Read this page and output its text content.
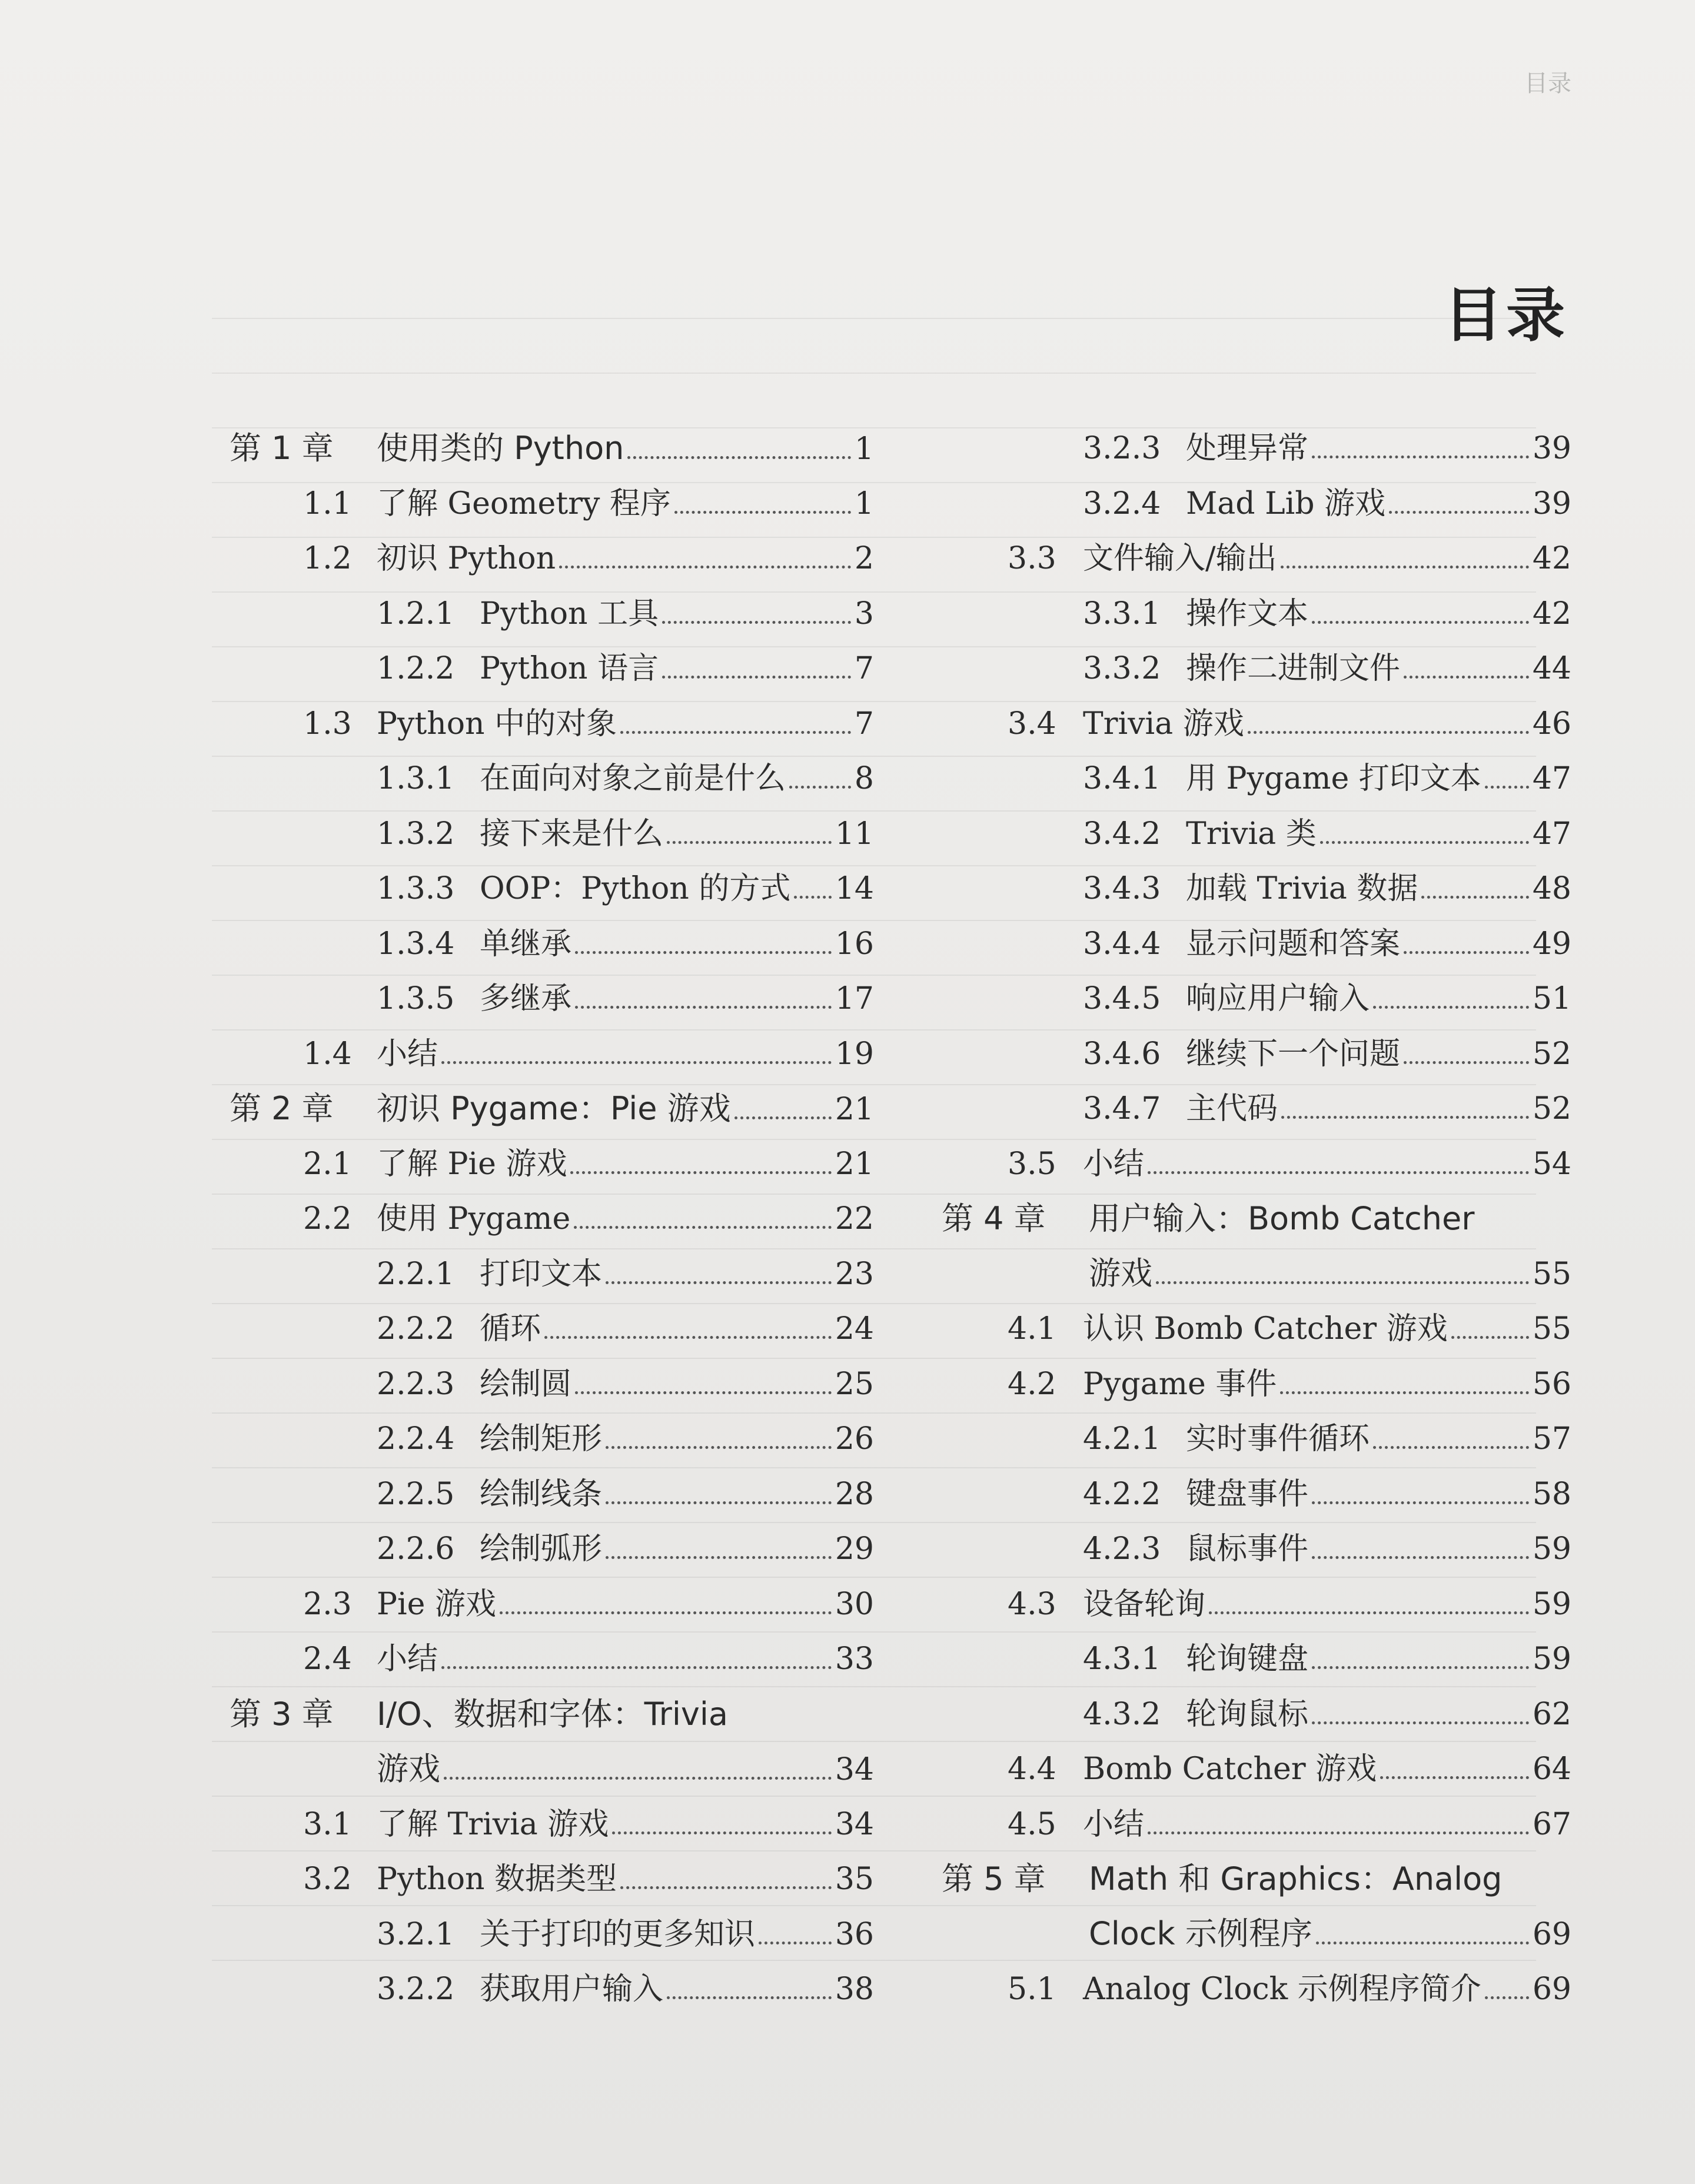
目录
目录
第 1 章 使用类的 Python	1
1.1 了解 Geometry 程序	1
1.2 初识 Python	2
1.2.1 Python 工具	3
1.2.2 Python 语言	7
1.3 Python 中的对象	7
1.3.1 在面向对象之前是什么 8
1.3.2 接下来是什么	11
1.3.3 OOP：Python 的方式 14
1.3.4 单继承	16
1.3.5 多继承	17
1.4 小结	19
第 2 章 初识 Pygame：Pie 游戏	21
2.1 了解 Pie 游戏	21
2.2 使用 Pygame	22
2.2.1 打印文本	23
2.2.2 循环	24
2.2.3 绘制圆	25
2.2.4 绘制矩形	26
2.2.5 绘制线条	28
2.2.6 绘制弧形	29
2.3 Pie 游戏	30
2.4 小结	33
第 3 章 I/O、数据和字体：Trivia
游戏	34
3.1 了解 Trivia 游戏	34
3.2 Python 数据类型	35
3.2.1 关于打印的更多知识	36
3.2.2 获取用户输入	38
3.2.3 处理异常	39
3.2.4 Mad Lib 游戏	39
3.3 文件输入/输出	42
3.3.1 操作文本	42
3.3.2 操作二进制文件	44
3.4 Trivia 游戏	46
3.4.1 用 Pygame 打印文本 47
3.4.2 Trivia 类	47
3.4.3 加载 Trivia 数据	48
3.4.4 显示问题和答案	49
3.4.5 响应用户输入	51
3.4.6 继续下一个问题	52
3.4.7 主代码	52
3.5 小结	54
第 4 章 用户输入：Bomb Catcher
游戏	55
4.1 认识 Bomb Catcher 游戏	55
4.2 Pygame 事件	56
4.2.1 实时事件循环	57
4.2.2 键盘事件	58
4.2.3 鼠标事件	59
4.3 设备轮询	59
4.3.1 轮询键盘	59
4.3.2 轮询鼠标	62
4.4 Bomb Catcher 游戏	64
4.5 小结	67
第 5 章 Math 和 Graphics：Analog
Clock 示例程序	69
5.1 Analog Clock 示例程序简介 69
